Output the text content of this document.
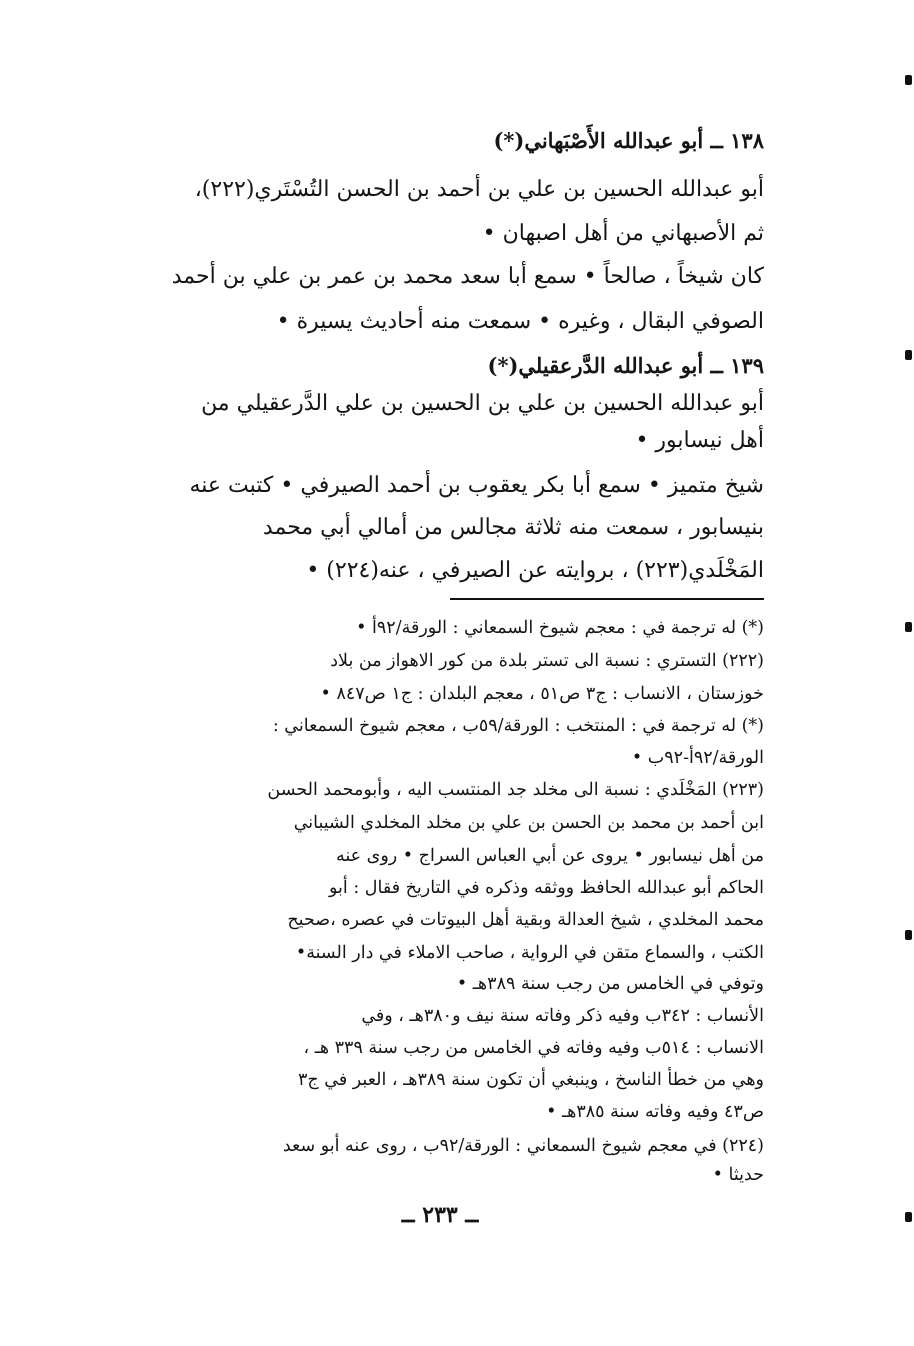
١٣٨ ــ أبو عبدالله الأَصْبَهاني(*)
أبو عبدالله الحسين بن علي بن أحمد بن الحسن التُسْتَري(٢٢٢)،
ثم الأصبهاني من أهل اصبهان •
كان شيخاً ، صالحاً • سمع أبا سعد محمد بن عمر بن علي بن أحمد
الصوفي البقال ، وغيره • سمعت منه أحاديث يسيرة •
١٣٩ ــ أبو عبدالله الدَّرعقيلي(*)
أبو عبدالله الحسين بن علي بن الحسين بن علي الدَّرعقيلي من
أهل نيسابور •
شيخ متميز • سمع أبا بكر يعقوب بن أحمد الصيرفي • كتبت عنه
بنيسابور ، سمعت منه ثلاثة مجالس من أمالي أبي محمد
المَخْلَدي(٢٢٣) ، بروايته عن الصيرفي ، عنه(٢٢٤) •
(*) له ترجمة في : معجم شيوخ السمعاني : الورقة/٩٢أ •
(٢٢٢) التستري : نسبة الى تستر بلدة من كور الاهواز من بلاد
خوزستان ، الانساب : ج٣ ص٥١ ، معجم البلدان : ج١ ص٨٤٧ •
(*) له ترجمة في : المنتخب : الورقة/٥٩ب ، معجم شيوخ السمعاني :
الورقة/٩٢أ-٩٢ب •
(٢٢٣) المَخْلَدي : نسبة الى مخلد جد المنتسب اليه ، وأبومحمد الحسن
ابن أحمد بن محمد بن الحسن بن علي بن مخلد المخلدي الشيباني
من أهل نيسابور • يروى عن أبي العباس السراج • روى عنه
الحاكم أبو عبدالله الحافظ ووثقه وذكره في التاريخ فقال : أبو
محمد المخلدي ، شيخ العدالة وبقية أهل البيوتات في عصره ،صحيح
الكتب ، والسماع متقن في الرواية ، صاحب الاملاء في دار السنة•
وتوفي في الخامس من رجب سنة ٣٨٩هـ •
الأنساب : ٣٤٢ب وفيه ذكر وفاته سنة نيف و٣٨٠هـ ، وفي
الانساب : ٥١٤ب وفيه وفاته في الخامس من رجب سنة ٣٣٩ هـ ،
وهي من خطأ الناسخ ، وينبغي أن تكون سنة ٣٨٩هـ ، العبر في ج٣
ص٤٣ وفيه وفاته سنة ٣٨٥هـ •
(٢٢٤) في معجم شيوخ السمعاني : الورقة/٩٢ب ، روى عنه أبو سعد
حديثا •
ــ ٢٣٣ ــ
